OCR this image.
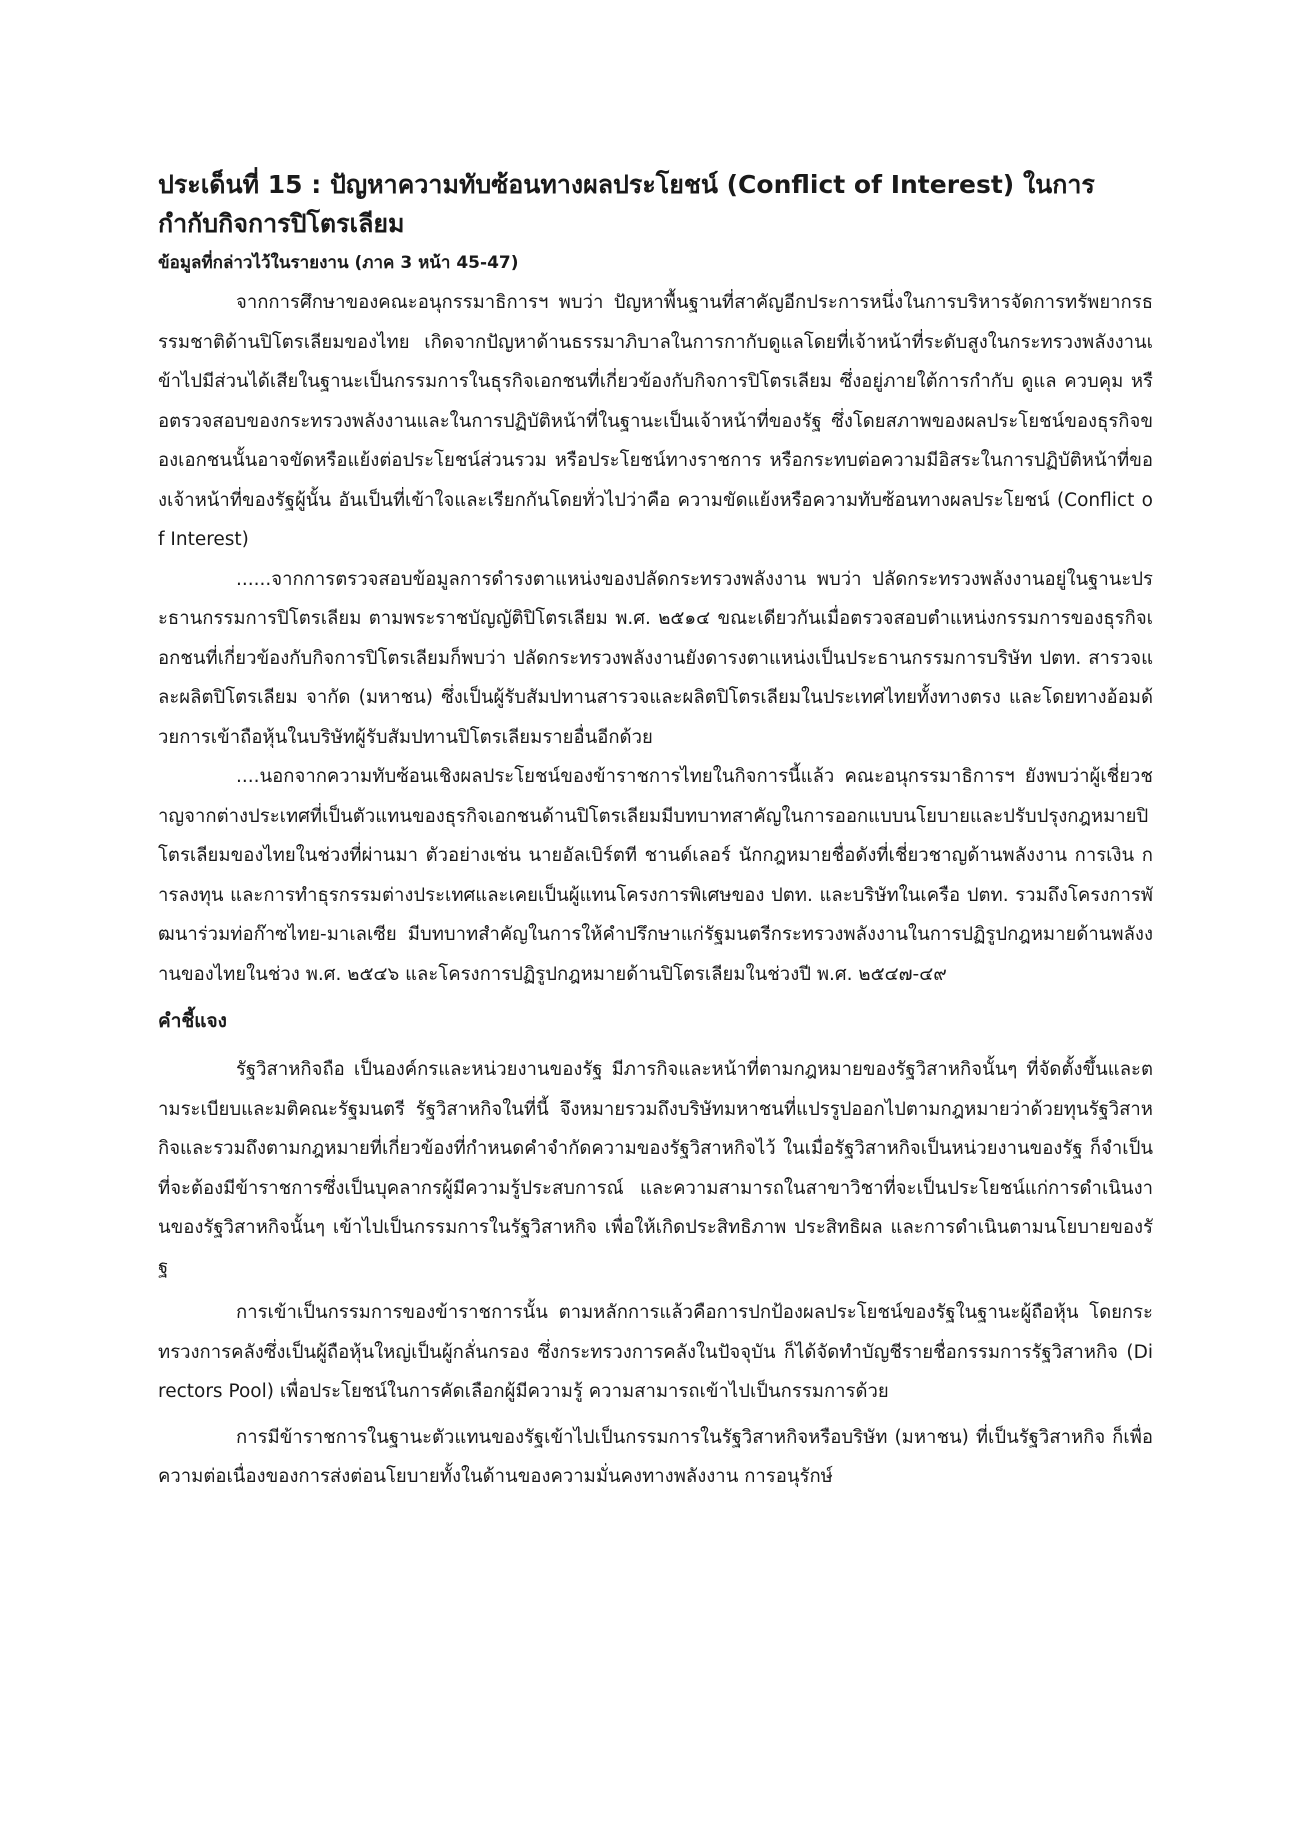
ประเด็นที่ 15 : ปัญหาความทับซ้อนทางผลประโยชน์ (Conflict of Interest) ในการกำกับกิจการปิโตรเลียม
ข้อมูลที่กล่าวไว้ในรายงาน (ภาค 3 หน้า 45-47)

จากการศึกษาของคณะอนุกรรมาธิการฯ พบว่า ปัญหาพื้นฐานที่สาคัญอีกประการหนึ่งในการบริหารจัดการทรัพยากรธรรมชาติด้านปิโตรเลียมของไทย เกิดจากปัญหาด้านธรรมาภิบาลในการกากับดูแลโดยที่เจ้าหน้าที่ระดับสูงในกระทรวงพลังงานเข้าไปมีส่วนได้เสียในฐานะเป็นกรรมการในธุรกิจเอกชนที่เกี่ยวข้องกับกิจการปิโตรเลียม ซึ่งอยู่ภายใต้การกำกับ ดูแล ควบคุม หรือตรวจสอบของกระทรวงพลังงานและในการปฏิบัติหน้าที่ในฐานะเป็นเจ้าหน้าที่ของรัฐ ซึ่งโดยสภาพของผลประโยชน์ของธุรกิจของเอกชนนั้นอาจขัดหรือแย้งต่อประโยชน์ส่วนรวม หรือประโยชน์ทางราชการ หรือกระทบต่อความมีอิสระในการปฏิบัติหน้าที่ของเจ้าหน้าที่ของรัฐผู้นั้น อันเป็นที่เข้าใจและเรียกกันโดยทั่วไปว่าคือ ความขัดแย้งหรือความทับซ้อนทางผลประโยชน์ (Conflict of Interest)

......จากการตรวจสอบข้อมูลการดำรงตาแหน่งของปลัดกระทรวงพลังงาน พบว่า ปลัดกระทรวงพลังงานอยู่ในฐานะประธานกรรมการปิโตรเลียม ตามพระราชบัญญัติปิโตรเลียม พ.ศ. ๒๕๑๔ ขณะเดียวกันเมื่อตรวจสอบตำแหน่งกรรมการของธุรกิจเอกชนที่เกี่ยวข้องกับกิจการปิโตรเลียมก็พบว่า ปลัดกระทรวงพลังงานยังดารงตาแหน่งเป็นประธานกรรมการบริษัท ปตท. สารวจและผลิตปิโตรเลียม จากัด (มหาชน) ซึ่งเป็นผู้รับสัมปทานสารวจและผลิตปิโตรเลียมในประเทศไทยทั้งทางตรง และโดยทางอ้อมด้วยการเข้าถือหุ้นในบริษัทผู้รับสัมปทานปิโตรเลียมรายอื่นอีกด้วย

....นอกจากความทับซ้อนเชิงผลประโยชน์ของข้าราชการไทยในกิจการนี้แล้ว คณะอนุกรรมาธิการฯ ยังพบว่าผู้เชี่ยวชาญจากต่างประเทศที่เป็นตัวแทนของธุรกิจเอกชนด้านปิโตรเลียมมีบทบาทสาคัญในการออกแบบนโยบายและปรับปรุงกฎหมายปิโตรเลียมของไทยในช่วงที่ผ่านมา ตัวอย่างเช่น นายอัลเบิร์ตที ชานด์เลอร์ นักกฎหมายชื่อดังที่เชี่ยวชาญด้านพลังงาน การเงิน การลงทุน และการทำธุรกรรมต่างประเทศและเคยเป็นผู้แทนโครงการพิเศษของ ปตท. และบริษัทในเครือ ปตท. รวมถึงโครงการพัฒนาร่วมท่อก๊าซไทย-มาเลเซีย มีบทบาทสำคัญในการให้คำปรึกษาแก่รัฐมนตรีกระทรวงพลังงานในการปฏิรูปกฎหมายด้านพลังงานของไทยในช่วง พ.ศ. ๒๕๔๖ และโครงการปฏิรูปกฎหมายด้านปิโตรเลียมในช่วงปี พ.ศ. ๒๕๔๗-๔๙

คำชี้แจง

รัฐวิสาหกิจถือ เป็นองค์กรและหน่วยงานของรัฐ มีภารกิจและหน้าที่ตามกฎหมายของรัฐวิสาหกิจนั้นๆ ที่จัดตั้งขึ้นและตามระเบียบและมติคณะรัฐมนตรี รัฐวิสาหกิจในที่นี้ จึงหมายรวมถึงบริษัทมหาชนที่แปรรูปออกไปตามกฎหมายว่าด้วยทุนรัฐวิสาหกิจและรวมถึงตามกฎหมายที่เกี่ยวข้องที่กำหนดคำจำกัดความของรัฐวิสาหกิจไว้ ในเมื่อรัฐวิสาหกิจเป็นหน่วยงานของรัฐ ก็จำเป็นที่จะต้องมีข้าราชการซึ่งเป็นบุคลากรผู้มีความรู้ประสบการณ์ และความสามารถในสาขาวิชาที่จะเป็นประโยชน์แก่การดำเนินงานของรัฐวิสาหกิจนั้นๆ เข้าไปเป็นกรรมการในรัฐวิสาหกิจ เพื่อให้เกิดประสิทธิภาพ ประสิทธิผล และการดำเนินตามนโยบายของรัฐ

การเข้าเป็นกรรมการของข้าราชการนั้น ตามหลักการแล้วคือการปกป้องผลประโยชน์ของรัฐในฐานะผู้ถือหุ้น โดยกระทรวงการคลังซึ่งเป็นผู้ถือหุ้นใหญ่เป็นผู้กลั่นกรอง ซึ่งกระทรวงการคลังในปัจจุบัน ก็ได้จัดทำบัญชีรายชื่อกรรมการรัฐวิสาหกิจ (Directors Pool) เพื่อประโยชน์ในการคัดเลือกผู้มีความรู้ ความสามารถเข้าไปเป็นกรรมการด้วย

การมีข้าราชการในฐานะตัวแทนของรัฐเข้าไปเป็นกรรมการในรัฐวิสาหกิจหรือบริษัท (มหาชน) ที่เป็นรัฐวิสาหกิจ ก็เพื่อความต่อเนื่องของการส่งต่อนโยบายทั้งในด้านของความมั่นคงทางพลังงาน การอนุรักษ์
